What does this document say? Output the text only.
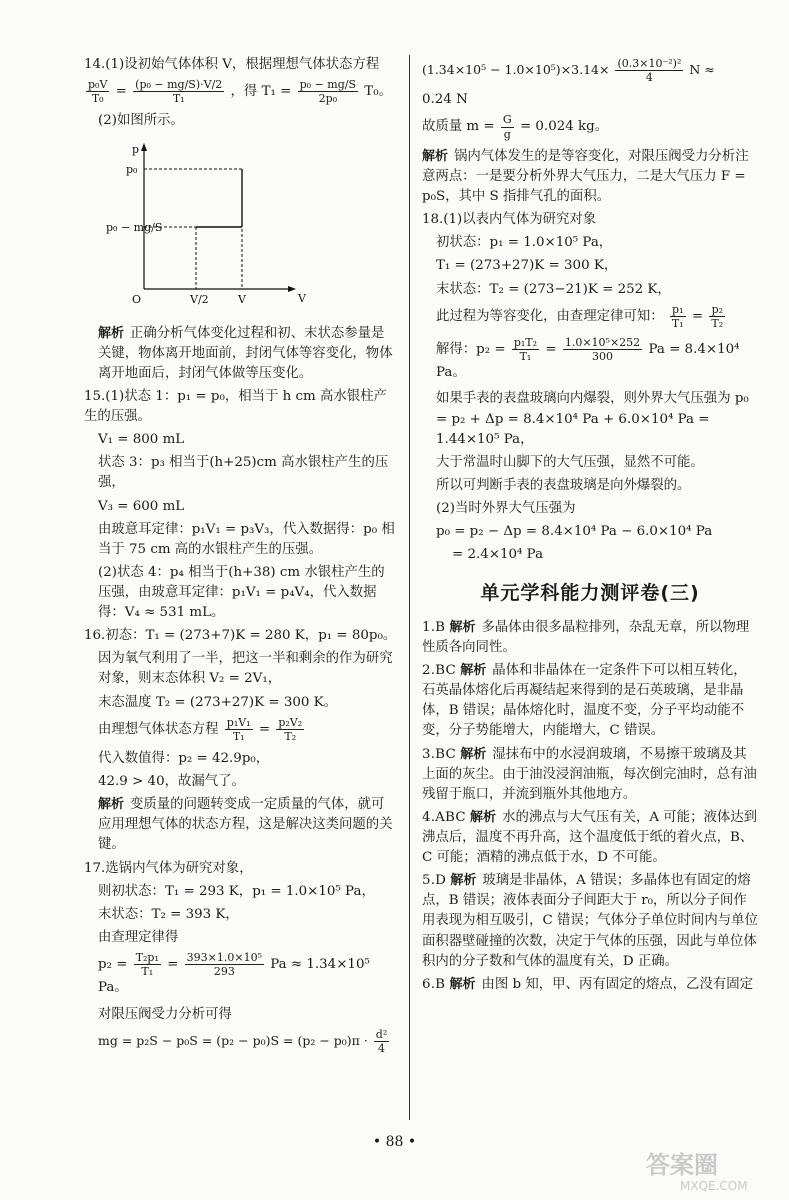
14.(1)设初始气体体积 V，根据理想气体状态方程

$\frac{\text{p₀V}}{\text{T₀}} = \frac{\text{(p₀ − mg/S)·V/2}}{\text{T₁}}$ ，得 $T_1 = \frac{\text{p₀ − mg/S}}{\text{2p₀}} T_0$。

(2)如图所示。

p
V
p₀
p₀ − mg/S
V/2	V
O

解析 正确分析气体变化过程和初、末状态参量是关键，物体离开地面前，封闭气体等容变化，物体离开地面后，封闭气体做等压变化。

15.(1)状态 1：p₁ = p₀，相当于 h cm 高水银柱产生的压强。

V₁ = 800 mL

状态 3：p₃ 相当于(h+25)cm 高水银柱产生的压强，

V₃ = 600 mL

由玻意耳定律：p₁V₁ = p₃V₃，代入数据得：p₀ 相当于 75 cm 高的水银柱产生的压强。

(2)状态 4：p₄ 相当于(h+38) cm 水银柱产生的压强，由玻意耳定律：p₁V₁ = p₄V₄，代入数据得：V₄ ≈ 531 mL。

16.初态：T₁ = (273+7)K = 280 K，p₁ = 80p₀。

因为氧气利用了一半，把这一半和剩余的作为研究对象，则末态体积 V₂ = 2V₁，

末态温度 T₂ = (273+27)K = 300 K。

由理想气体状态方程 $\frac{\text{p₁V₁}}{\text{T₁}} = \frac{\text{p₂V₂}}{\text{T₂}}$

代入数值得：p₂ = 42.9p₀，

42.9 > 40，故漏气了。

解析 变质量的问题转变成一定质量的气体，就可应用理想气体的状态方程，这是解决这类问题的关键。

17.选锅内气体为研究对象，

则初状态：T₁ = 293 K，p₁ = 1.0×10⁵ Pa，

末状态：T₂ = 393 K，

由查理定律得

$p_2 = \frac{\text{T₂p₁}}{\text{T₁}} = \frac{\text{393×1.0×10⁵}}{293}$ Pa ≈ 1.34×10⁵ Pa。

对限压阀受力分析可得

mg = $p_2S - p_0S = (p_2 - p_0)S = (p_2 - p_0)\pi \cdot \frac{\text{d²}}{4}$
$(1.34\times 10^5 - 1.0\times 10^5)\times 3.14\times \frac{\text{(0.3×10⁻²)²}}{4}$ N ≈

0.24 N

故质量 $m = \frac{G}{g} = 0.024$ kg。

解析 锅内气体发生的是等容变化，对限压阀受力分析注意两点：一是要分析外界大气压力，二是大气压力 F = p₀S，其中 S 指排气孔的面积。

18.(1)以表内气体为研究对象

初状态：p₁ = 1.0×10⁵ Pa，

T₁ = (273+27)K = 300 K，

末状态：T₂ = (273−21)K = 252 K，

此过程为等容变化，由查理定律可知： $\frac{\text{p₁}}{\text{T₁}} = \frac{\text{p₂}}{\text{T₂}}$
解得：$p_2 = \frac{\text{p₁T₂}}{\text{T₁}} = \frac{\text{1.0×10⁵×252}}{300}$ Pa = 8.4×10⁴ Pa。

如果手表的表盘玻璃向内爆裂，则外界大气压强为 p₀ = p₂ + Δp = 8.4×10⁴ Pa + 6.0×10⁴ Pa = 1.44×10⁵ Pa，

大于常温时山脚下的大气压强，显然不可能。

所以可判断手表的表盘玻璃是向外爆裂的。

(2)当时外界大气压强为

p₀ = p₂ − Δp = 8.4×10⁴ Pa − 6.0×10⁴ Pa

= 2.4×10⁴ Pa

单元学科能力测评卷(三)

1.B 解析 多晶体由很多晶粒排列，杂乱无章，所以物理性质各向同性。

2.BC 解析 晶体和非晶体在一定条件下可以相互转化，石英晶体熔化后再凝结起来得到的是石英玻璃，是非晶体，B 错误；晶体熔化时，温度不变，分子平均动能不变，分子势能增大，内能增大，C 错误。

3.BC 解析 湿抹布中的水浸润玻璃，不易擦干玻璃及其上面的灰尘。由于油没浸润油瓶，每次倒完油时，总有油残留于瓶口，并流到瓶外其他地方。

4.ABC 解析 水的沸点与大气压有关，A 可能；液体达到沸点后，温度不再升高，这个温度低于纸的着火点，B、C 可能；酒精的沸点低于水，D 不可能。

5.D 解析 玻璃是非晶体，A 错误；多晶体也有固定的熔点，B 错误；液体表面分子间距大于 r₀，所以分子间作用表现为相互吸引，C 错误；气体分子单位时间内与单位面积器壁碰撞的次数，决定于气体的压强，因此与单位体积内的分子数和气体的温度有关，D 正确。

6.B 解析 由图 b 知，甲、丙有固定的熔点，乙没有固定

• 88 •
答案圈
MXQE.COM
